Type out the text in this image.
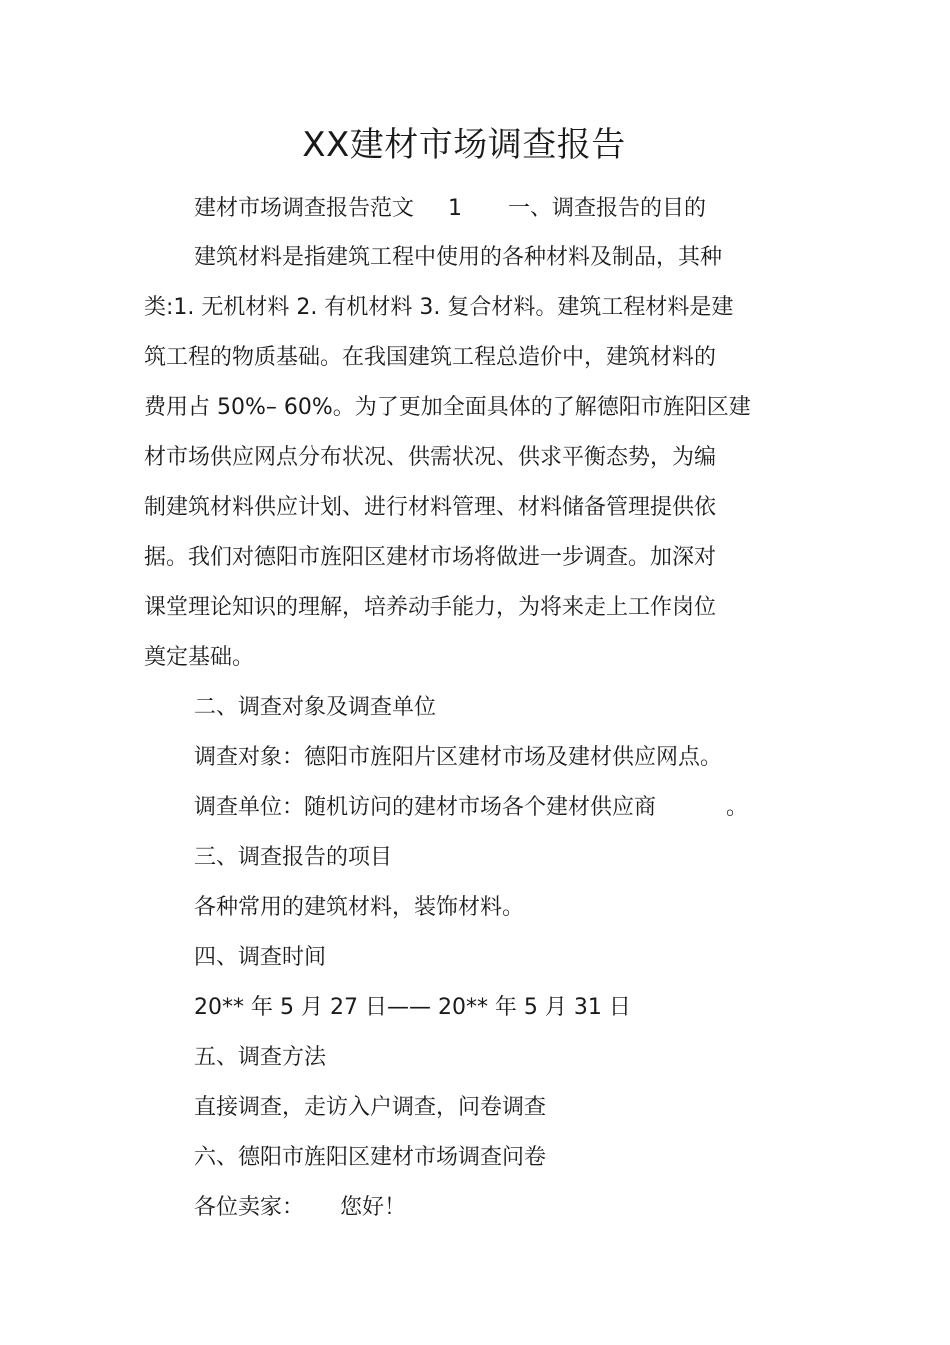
XX建材市场调查报告

建材市场调查报告范文 1 一、调查报告的目的

建筑材料是指建筑工程中使用的各种材料及制品，其种

类:1. 无机材料 2. 有机材料 3. 复合材料。建筑工程材料是建

筑工程的物质基础。在我国建筑工程总造价中，建筑材料的

费用占 50%– 60%。为了更加全面具体的了解德阳市旌阳区建

材市场供应网点分布状况、供需状况、供求平衡态势，为编

制建筑材料供应计划、进行材料管理、材料储备管理提供依

据。我们对德阳市旌阳区建材市场将做进一步调查。加深对

课堂理论知识的理解，培养动手能力，为将来走上工作岗位

奠定基础。

二、调查对象及调查单位

调查对象：德阳市旌阳片区建材市场及建材供应网点。

调查单位：随机访问的建材市场各个建材供应商	。

三、调查报告的项目

各种常用的建筑材料，装饰材料。

四、调查时间

20** 年 5 月 27 日—— 20** 年 5 月 31 日

五、调查方法

直接调查，走访入户调查，问卷调查

六、德阳市旌阳区建材市场调查问卷

各位卖家： 您好！
